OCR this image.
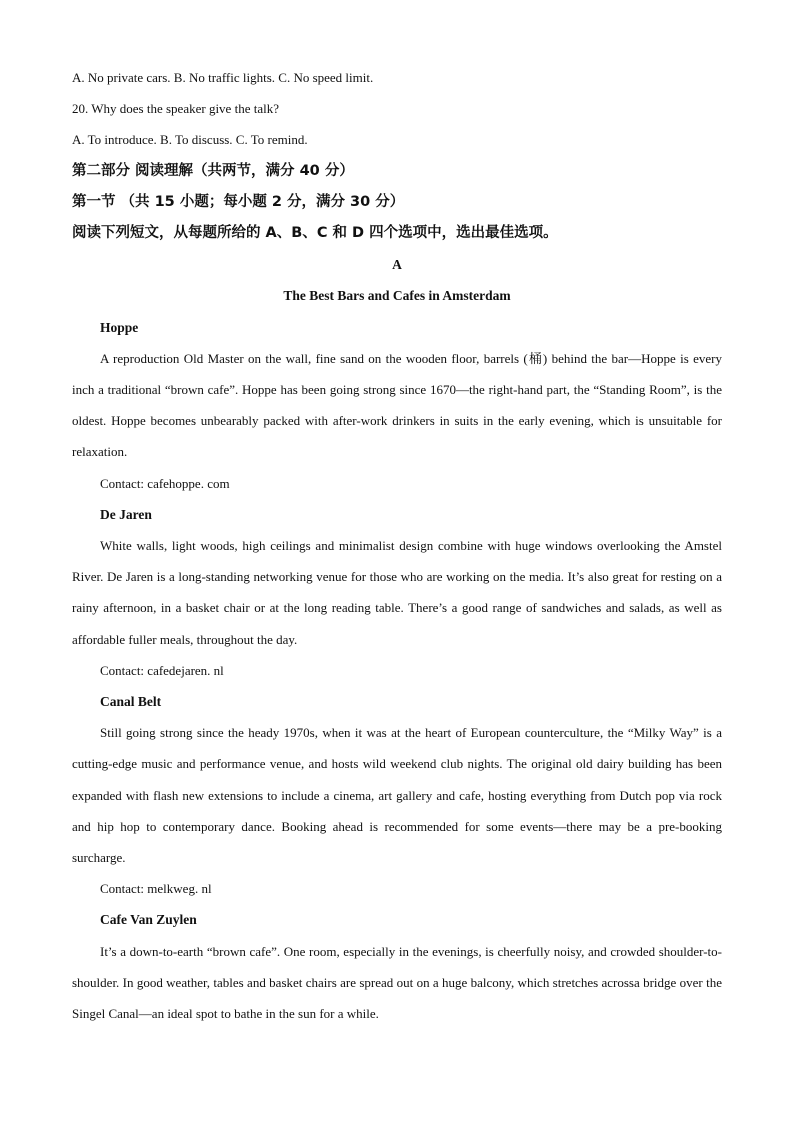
A. No private cars. B. No traffic lights. C. No speed limit.

20. Why does the speaker give the talk?

A. To introduce. B. To discuss. C. To remind.

第二部分 阅读理解（共两节，满分 40 分）

第一节 （共 15 小题；每小题 2 分，满分 30 分）

阅读下列短文，从每题所给的 A、B、C 和 D 四个选项中，选出最佳选项。

A

The Best Bars and Cafes in Amsterdam

Hoppe

A reproduction Old Master on the wall, fine sand on the wooden floor, barrels (桶) behind the bar—Hoppe is every inch a traditional “brown cafe”. Hoppe has been going strong since 1670—the right-hand part, the “Standing Room”, is the oldest. Hoppe becomes unbearably packed with after-work drinkers in suits in the early evening, which is unsuitable for relaxation.

Contact: cafehoppe. com

De Jaren

White walls, light woods, high ceilings and minimalist design combine with huge windows overlooking the Amstel River. De Jaren is a long-standing networking venue for those who are working on the media. It’s also great for resting on a rainy afternoon, in a basket chair or at the long reading table. There’s a good range of sandwiches and salads, as well as affordable fuller meals, throughout the day.

Contact: cafedejaren. nl

Canal Belt

Still going strong since the heady 1970s, when it was at the heart of European counterculture, the “Milky Way” is a cutting-edge music and performance venue, and hosts wild weekend club nights. The original old dairy building has been expanded with flash new extensions to include a cinema, art gallery and cafe, hosting everything from Dutch pop via rock and hip hop to contemporary dance. Booking ahead is recommended for some events—there may be a pre-booking surcharge.

Contact: melkweg. nl

Cafe Van Zuylen

It’s a down-to-earth “brown cafe”. One room, especially in the evenings, is cheerfully noisy, and crowded shoulder-to-shoulder. In good weather, tables and basket chairs are spread out on a huge balcony, which stretches acrossa bridge over the Singel Canal—an ideal spot to bathe in the sun for a while.
